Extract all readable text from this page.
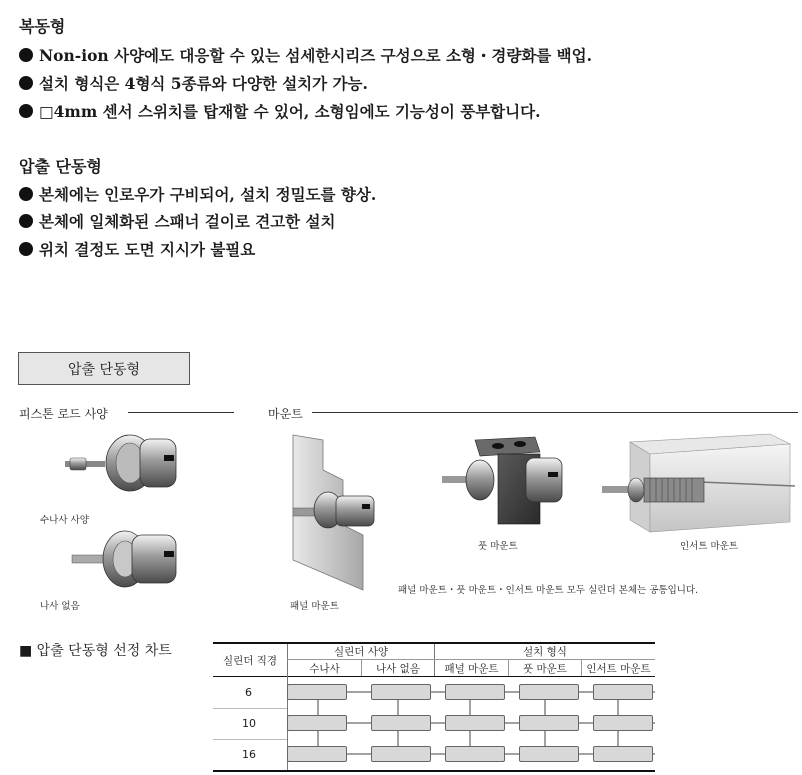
복동형
Non-ion 사양에도 대응할 수 있는 섬세한시리즈 구성으로 소형・경량화를 백업.
설치 형식은 4형식 5종류와 다양한 설치가 가능.
□4mm 센서 스위치를 탑재할 수 있어, 소형임에도 기능성이 풍부합니다.
압출 단동형
본체에는 인로우가 구비되어, 설치 정밀도를 향상.
본체에 일체화된 스패너 걸이로 견고한 설치
위치 결정도 도면 지시가 불필요
압출 단동형
피스톤 로드 사양	마운트
수나사 사양
나사 없음	패널 마운트
풋 마운트	인서트 마운트
패널 마운트・풋 마운트・인서트 마운트 모두 실린더 본체는 공통입니다.
■ 압출 단동형 선정 차트
실린더 직경
실린더 사양	설치 형식
수나사	나사 없음	패널 마운트	풋 마운트	인서트 마운트
6
10
16
